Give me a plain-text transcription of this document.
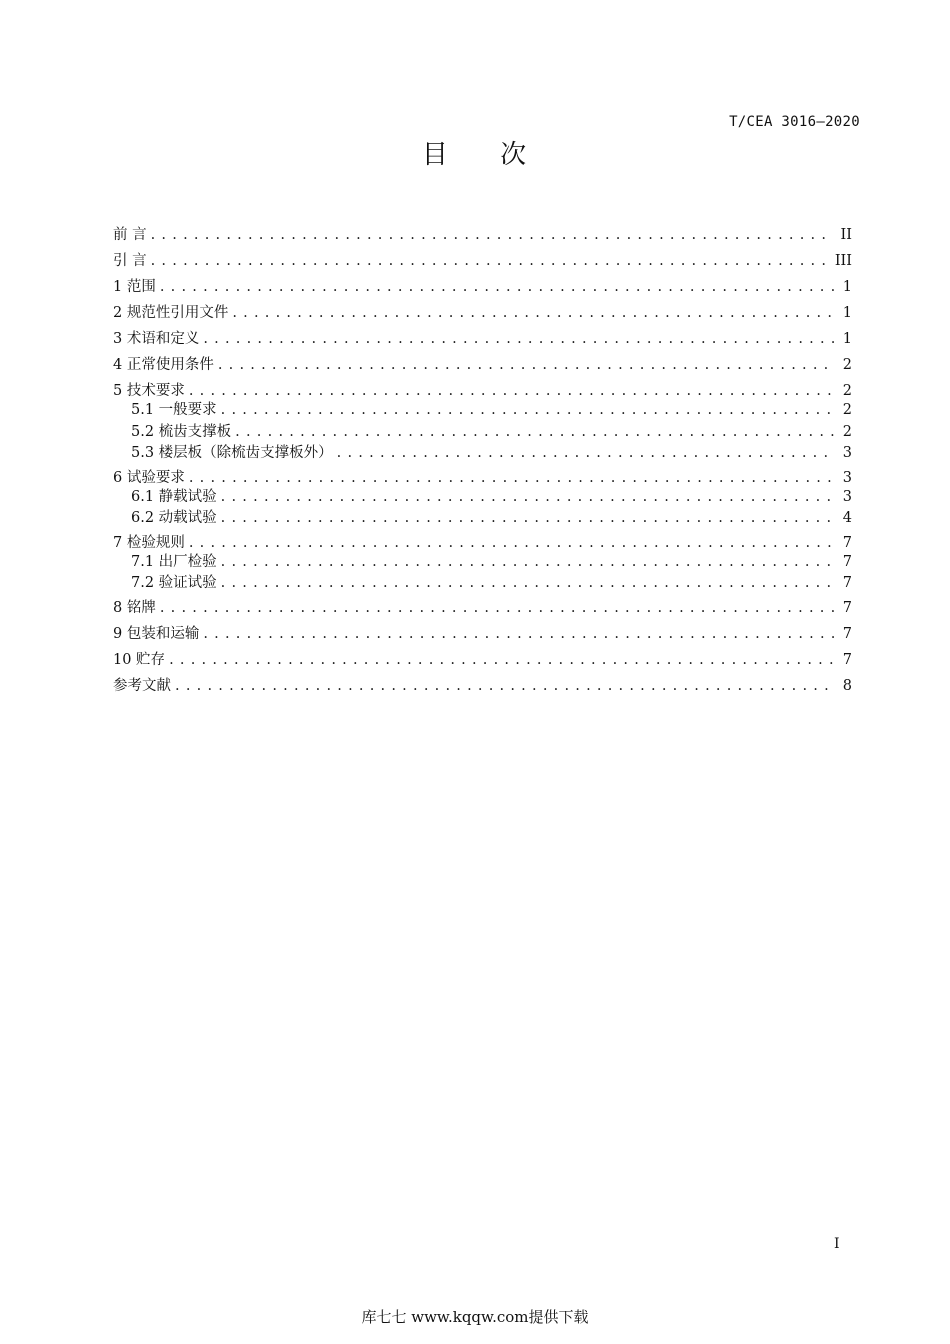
T/CEA 3016—2020
目 次
前 言 . . .	II
引 言 . . .	III
1 范围 . . .	1
2 规范性引用文件 . . .	1
3 术语和定义 . . .	1
4 正常使用条件 . . .	2
5 技术要求 . . .	2
5.1 一般要求 . . .	2
5.2 梳齿支撑板 . . .	2
5.3 楼层板（除梳齿支撑板外） . . .	3
6 试验要求 . . .	3
6.1 静载试验 . . .	3
6.2 动载试验 . . .	4
7 检验规则 . . .	7
7.1 出厂检验 . . .	7
7.2 验证试验 . . .	7
8 铭牌 . . .	7
9 包装和运输 . . .	7
10 贮存 . . .	7
参考文献 . . .	8
I
库七七 www.kqqw.com提供下载
